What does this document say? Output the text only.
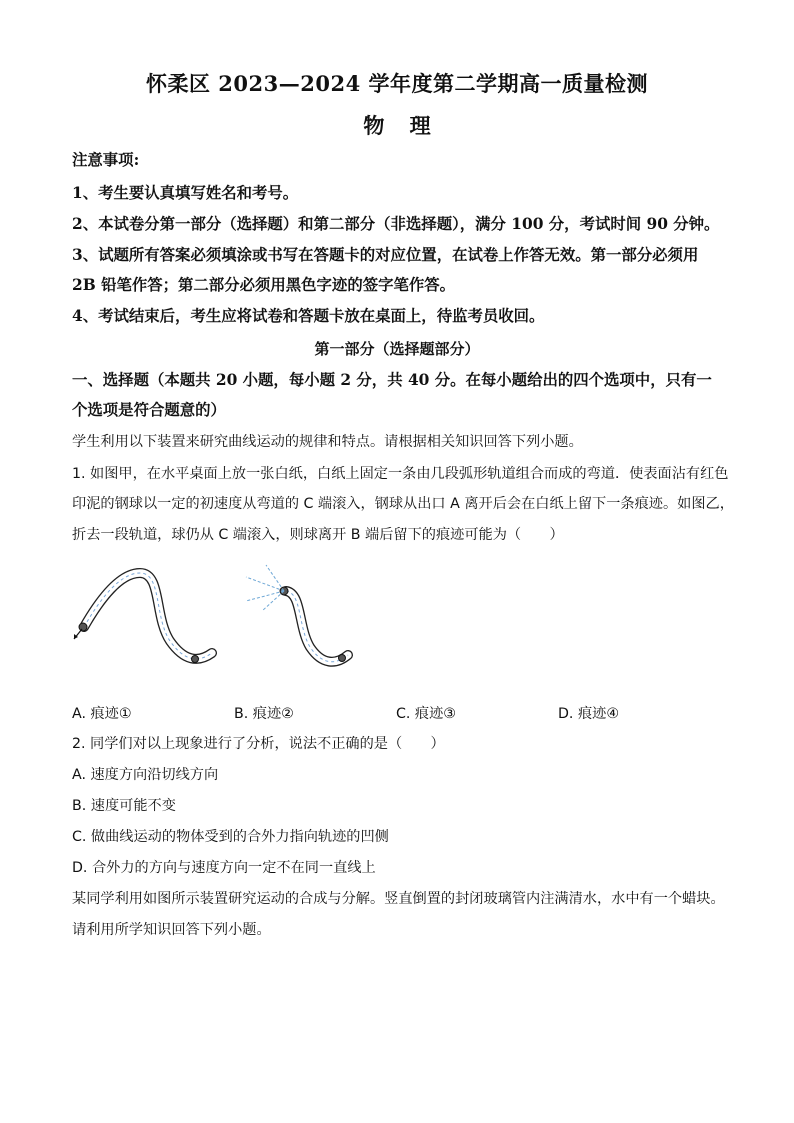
怀柔区 2023—2024 学年度第二学期高一质量检测
物 理
注意事项:
1、考生要认真填写姓名和考号。
2、本试卷分第一部分（选择题）和第二部分（非选择题），满分 100 分，考试时间 90 分钟。
3、试题所有答案必须填涂或书写在答题卡的对应位置，在试卷上作答无效。第一部分必须用
2B 铅笔作答；第二部分必须用黑色字迹的签字笔作答。
4、考试结束后，考生应将试卷和答题卡放在桌面上，待监考员收回。
第一部分（选择题部分）
一、选择题（本题共 20 小题，每小题 2 分，共 40 分。在每小题给出的四个选项中，只有一
个选项是符合题意的）
学生利用以下装置来研究曲线运动的规律和特点。请根据相关知识回答下列小题。
1. 如图甲，在水平桌面上放一张白纸，白纸上固定一条由几段弧形轨道组合而成的弯道．使表面沾有红色
印泥的钢球以一定的初速度从弯道的 C 端滚入，钢球从出口 A 离开后会在白纸上留下一条痕迹。如图乙，
折去一段轨道，球仍从 C 端滚入，则球离开 B 端后留下的痕迹可能为（　　）
A. 痕迹①	B. 痕迹②	C. 痕迹③	D. 痕迹④
2. 同学们对以上现象进行了分析，说法不正确的是（　　）
A. 速度方向沿切线方向
B. 速度可能不变
C. 做曲线运动的物体受到的合外力指向轨迹的凹侧
D. 合外力的方向与速度方向一定不在同一直线上
某同学利用如图所示装置研究运动的合成与分解。竖直倒置的封闭玻璃管内注满清水，水中有一个蜡块。
请利用所学知识回答下列小题。
